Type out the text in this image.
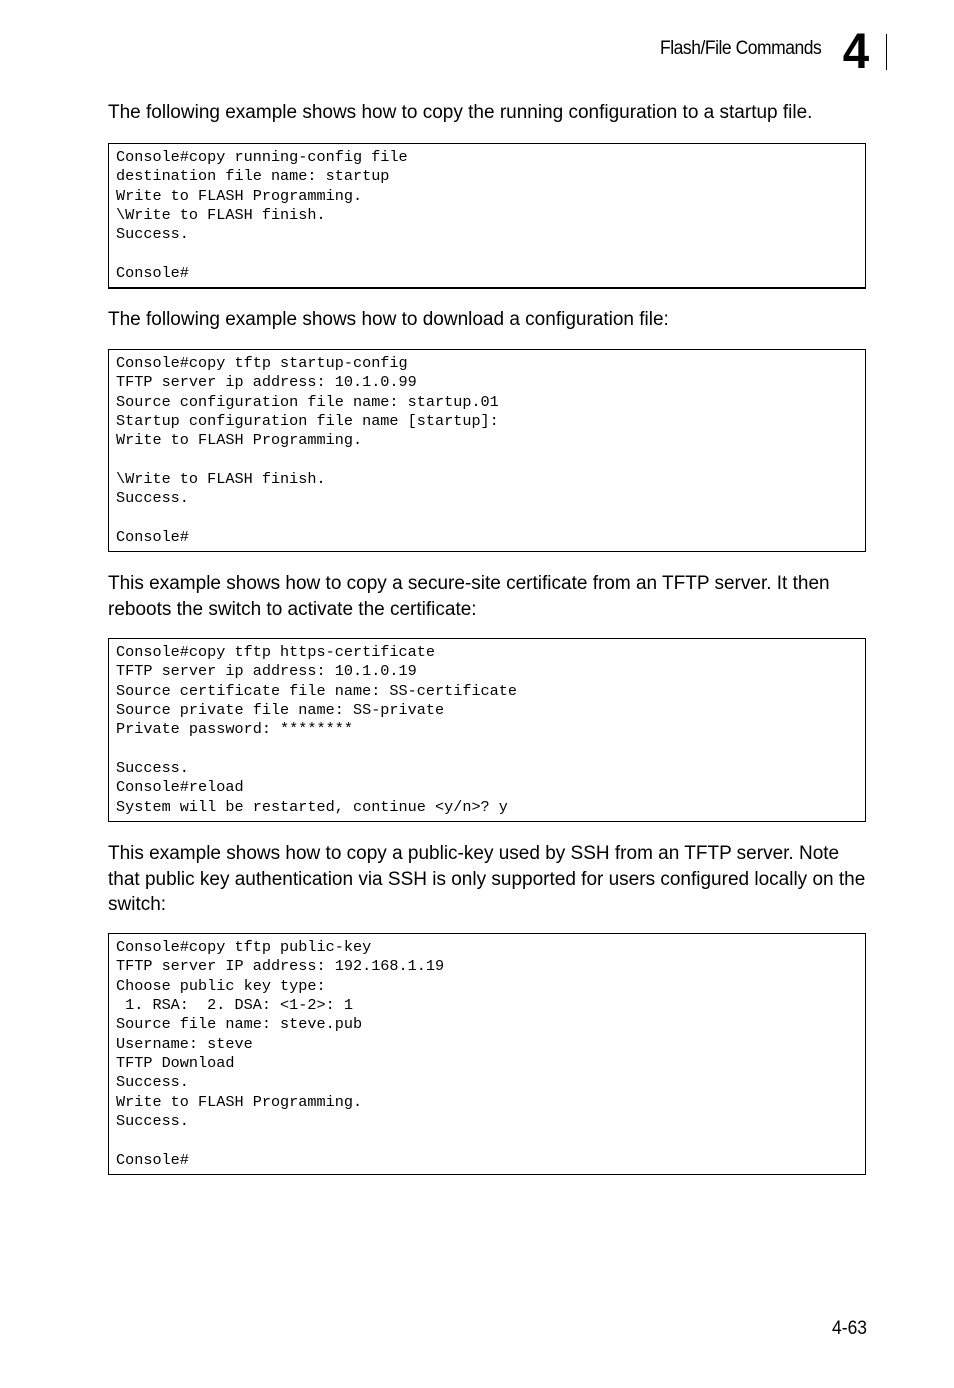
Flash/File Commands 4

The following example shows how to copy the running configuration to a startup file.

Console#copy running-config file
destination file name: startup
Write to FLASH Programming.
\Write to FLASH finish.
Success.

Console#

The following example shows how to download a configuration file:

Console#copy tftp startup-config
TFTP server ip address: 10.1.0.99
Source configuration file name: startup.01
Startup configuration file name [startup]:
Write to FLASH Programming.

\Write to FLASH finish.
Success.

Console#

This example shows how to copy a secure-site certificate from an TFTP server. It then reboots the switch to activate the certificate:

Console#copy tftp https-certificate
TFTP server ip address: 10.1.0.19
Source certificate file name: SS-certificate
Source private file name: SS-private
Private password: ********

Success.
Console#reload
System will be restarted, continue <y/n>? y

This example shows how to copy a public-key used by SSH from an TFTP server. Note that public key authentication via SSH is only supported for users configured locally on the switch:

Console#copy tftp public-key
TFTP server IP address: 192.168.1.19
Choose public key type:
1. RSA:  2. DSA: <1-2>: 1
Source file name: steve.pub
Username: steve
TFTP Download
Success.
Write to FLASH Programming.
Success.

Console#
4-63
